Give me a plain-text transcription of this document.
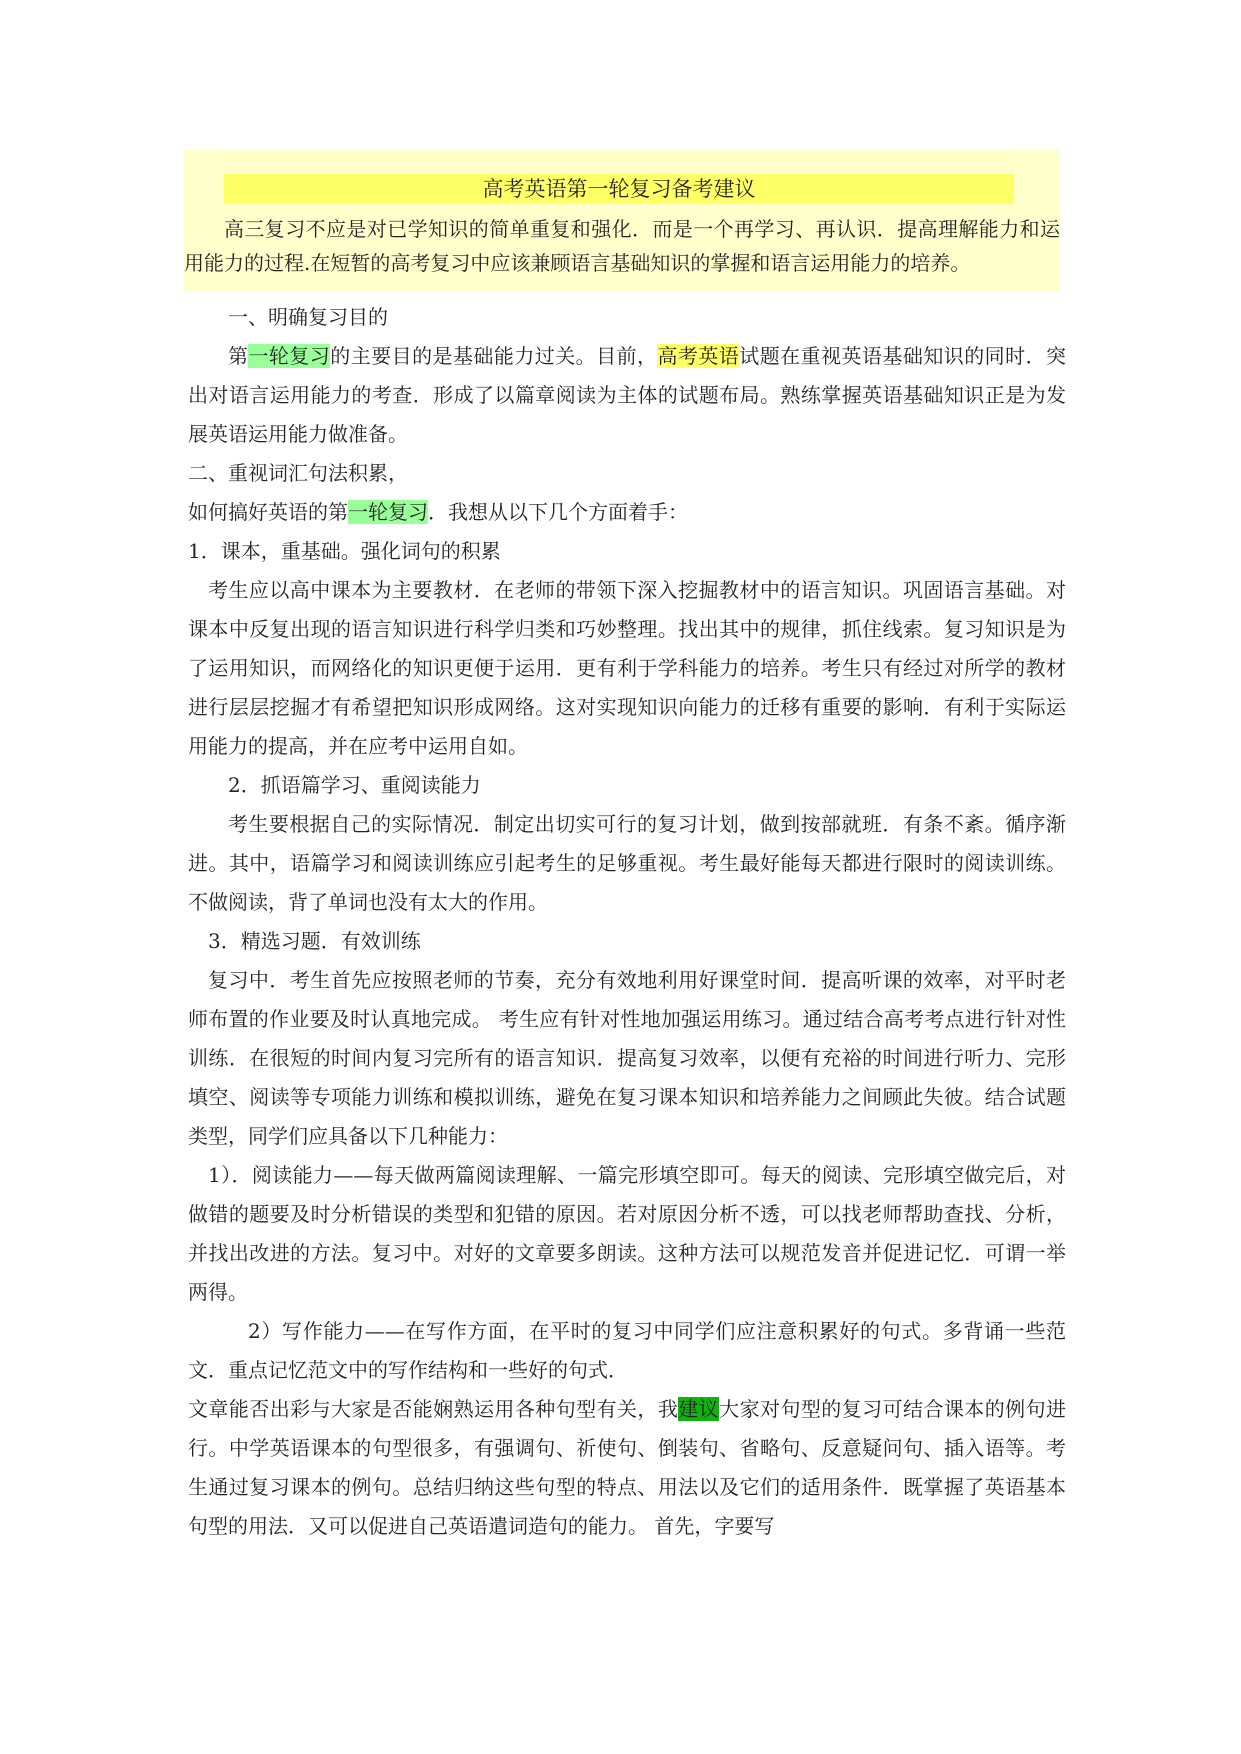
高考英语第一轮复习备考建议

高三复习不应是对已学知识的简单重复和强化．而是一个再学习、再认识．提高理解能力和运用能力的过程.在短暂的高考复习中应该兼顾语言基础知识的掌握和语言运用能力的培养。

一、明确复习目的

第一轮复习的主要目的是基础能力过关。目前，高考英语试题在重视英语基础知识的同时．突出对语言运用能力的考查．形成了以篇章阅读为主体的试题布局。熟练掌握英语基础知识正是为发展英语运用能力做准备。

二、重视词汇句法积累，

如何搞好英语的第一轮复习．我想从以下几个方面着手：

1．课本，重基础。强化词句的积累

考生应以高中课本为主要教材．在老师的带领下深入挖掘教材中的语言知识。巩固语言基础。对课本中反复出现的语言知识进行科学归类和巧妙整理。找出其中的规律，抓住线索。复习知识是为了运用知识，而网络化的知识更便于运用．更有利于学科能力的培养。考生只有经过对所学的教材进行层层挖掘才有希望把知识形成网络。这对实现知识向能力的迁移有重要的影响．有利于实际运用能力的提高，并在应考中运用自如。

2．抓语篇学习、重阅读能力

考生要根据自己的实际情况．制定出切实可行的复习计划，做到按部就班．有条不紊。循序渐进。其中，语篇学习和阅读训练应引起考生的足够重视。考生最好能每天都进行限时的阅读训练。不做阅读，背了单词也没有太大的作用。

3．精选习题．有效训练

复习中．考生首先应按照老师的节奏，充分有效地利用好课堂时间．提高听课的效率，对平时老师布置的作业要及时认真地完成。 考生应有针对性地加强运用练习。通过结合高考考点进行针对性训练．在很短的时间内复习完所有的语言知识．提高复习效率，以便有充裕的时间进行听力、完形填空、阅读等专项能力训练和模拟训练，避免在复习课本知识和培养能力之间顾此失彼。结合试题类型，同学们应具备以下几种能力：

1）．阅读能力——每天做两篇阅读理解、一篇完形填空即可。每天的阅读、完形填空做完后，对做错的题要及时分析错误的类型和犯错的原因。若对原因分析不透，可以找老师帮助查找、分析，并找出改进的方法。复习中。对好的文章要多朗读。这种方法可以规范发音并促进记忆．可谓一举两得。

2）写作能力——在写作方面，在平时的复习中同学们应注意积累好的句式。多背诵一些范文．重点记忆范文中的写作结构和一些好的句式．

文章能否出彩与大家是否能娴熟运用各种句型有关，我建议大家对句型的复习可结合课本的例句进行。中学英语课本的句型很多，有强调句、祈使句、倒装句、省略句、反意疑问句、插入语等。考生通过复习课本的例句。总结归纳这些句型的特点、用法以及它们的适用条件．既掌握了英语基本句型的用法．又可以促进自己英语遣词造句的能力。 首先，字要写
